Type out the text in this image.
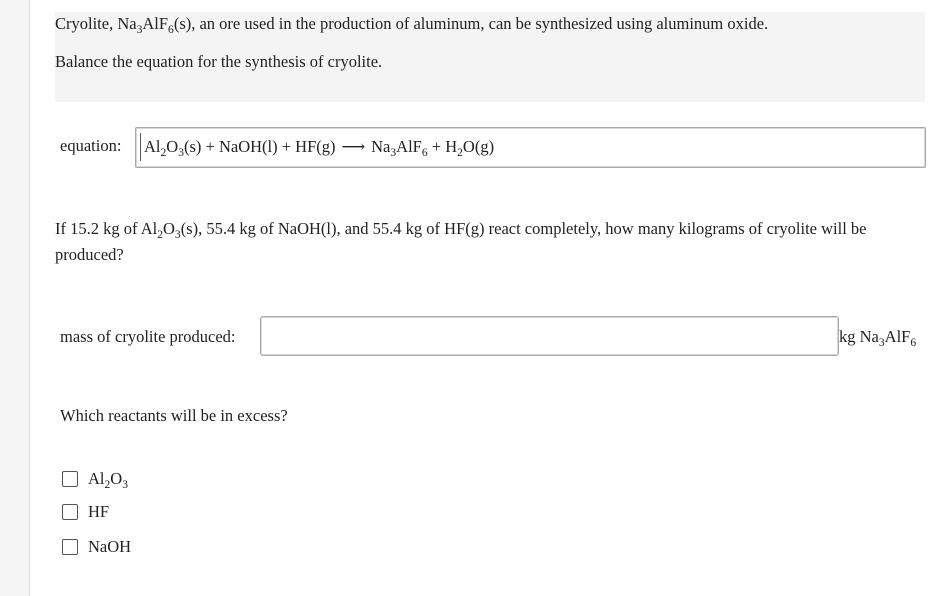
Cryolite, $Na_3AlF_6(s)$, an ore used in the production of aluminum, can be synthesized using aluminum oxide.
Balance the equation for the synthesis of cryolite.
equation: $Al_2O_3(s)$ + NaOH(l) + HF(g) ⟶ $Na_3AlF_6 + H_2O(g)$
If 15.2 kg of $Al_2O_3(s)$, 55.4 kg of NaOH(l), and 55.4 kg of HF(g) react completely, how many kilograms of cryolite will be produced?
mass of cryolite produced:	kg $Na_3AlF_6$
Which reactants will be in excess?
$Al_2O_3$
HF
NaOH
